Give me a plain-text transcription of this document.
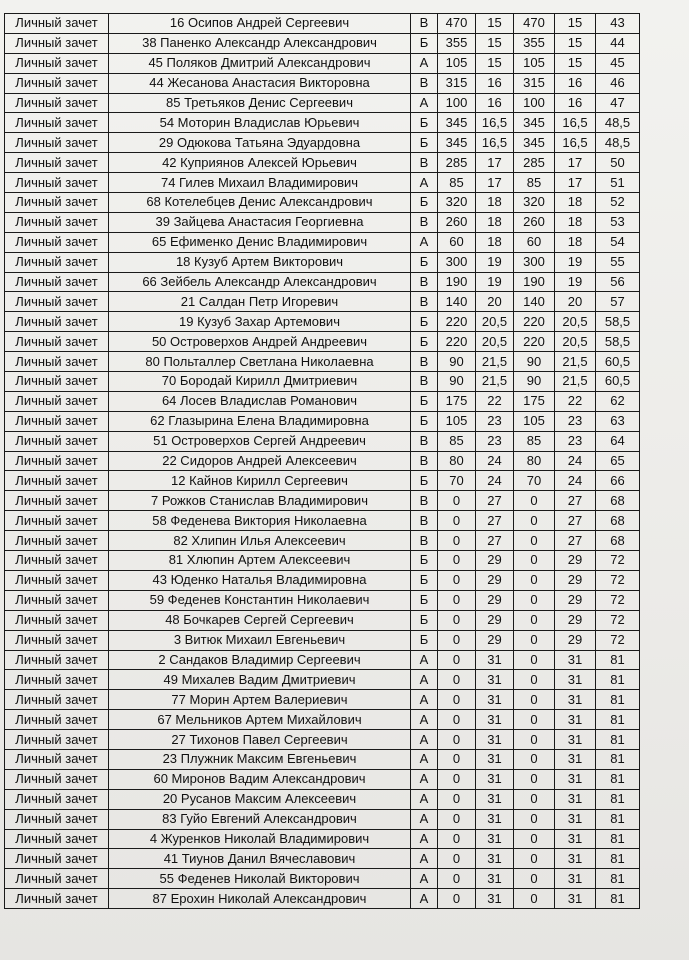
Личный зачет	16 Осипов Андрей Сергеевич	В	470	15	470	15	43
Личный зачет	38 Паненко Александр Александрович	Б	355	15	355	15	44
Личный зачет	45 Поляков Дмитрий Александрович	А	105	15	105	15	45
Личный зачет	44 Жесанова Анастасия Викторовна	В	315	16	315	16	46
Личный зачет	85 Третьяков Денис Сергеевич	А	100	16	100	16	47
Личный зачет	54 Моторин Владислав Юрьевич	Б	345	16,5	345	16,5	48,5
Личный зачет	29 Одюкова Татьяна Эдуардовна	Б	345	16,5	345	16,5	48,5
Личный зачет	42 Куприянов Алексей Юрьевич	В	285	17	285	17	50
Личный зачет	74 Гилев Михаил Владимирович	А	85	17	85	17	51
Личный зачет	68 Котелебцев Денис Александрович	Б	320	18	320	18	52
Личный зачет	39 Зайцева Анастасия Георгиевна	В	260	18	260	18	53
Личный зачет	65 Ефименко Денис Владимирович	А	60	18	60	18	54
Личный зачет	18 Кузуб Артем Викторович	Б	300	19	300	19	55
Личный зачет	66 Зейбель Александр Александрович	В	190	19	190	19	56
Личный зачет	21 Салдан Петр Игоревич	В	140	20	140	20	57
Личный зачет	19 Кузуб Захар Артемович	Б	220	20,5	220	20,5	58,5
Личный зачет	50 Островерхов Андрей Андреевич	Б	220	20,5	220	20,5	58,5
Личный зачет	80 Польталлер Светлана Николаевна	В	90	21,5	90	21,5	60,5
Личный зачет	70 Бородай Кирилл Дмитриевич	В	90	21,5	90	21,5	60,5
Личный зачет	64 Лосев Владислав Романович	Б	175	22	175	22	62
Личный зачет	62 Глазырина Елена Владимировна	Б	105	23	105	23	63
Личный зачет	51 Островерхов Сергей Андреевич	В	85	23	85	23	64
Личный зачет	22 Сидоров Андрей Алексеевич	В	80	24	80	24	65
Личный зачет	12 Кайнов Кирилл Сергеевич	Б	70	24	70	24	66
Личный зачет	7 Рожков Станислав Владимирович	В	0	27	0	27	68
Личный зачет	58 Феденева Виктория Николаевна	В	0	27	0	27	68
Личный зачет	82 Хлипин Илья Алексеевич	В	0	27	0	27	68
Личный зачет	81 Хлюпин Артем Алексеевич	Б	0	29	0	29	72
Личный зачет	43 Юденко Наталья Владимировна	Б	0	29	0	29	72
Личный зачет	59 Феденев Константин Николаевич	Б	0	29	0	29	72
Личный зачет	48 Бочкарев Сергей Сергеевич	Б	0	29	0	29	72
Личный зачет	3 Витюк Михаил Евгеньевич	Б	0	29	0	29	72
Личный зачет	2 Сандаков Владимир Сергеевич	А	0	31	0	31	81
Личный зачет	49 Михалев Вадим Дмитриевич	А	0	31	0	31	81
Личный зачет	77 Морин Артем Валериевич	А	0	31	0	31	81
Личный зачет	67 Мельников Артем Михайлович	А	0	31	0	31	81
Личный зачет	27 Тихонов Павел Сергеевич	А	0	31	0	31	81
Личный зачет	23 Плужник Максим Евгеньевич	А	0	31	0	31	81
Личный зачет	60 Миронов Вадим Александрович	А	0	31	0	31	81
Личный зачет	20 Русанов Максим Алексеевич	А	0	31	0	31	81
Личный зачет	83 Гуйо Евгений Александрович	А	0	31	0	31	81
Личный зачет	4 Журенков Николай Владимирович	А	0	31	0	31	81
Личный зачет	41 Тиунов Данил Вячеславович	А	0	31	0	31	81
Личный зачет	55 Феденев Николай Викторович	А	0	31	0	31	81
Личный зачет	87 Ерохин Николай Александрович	А	0	31	0	31	81
